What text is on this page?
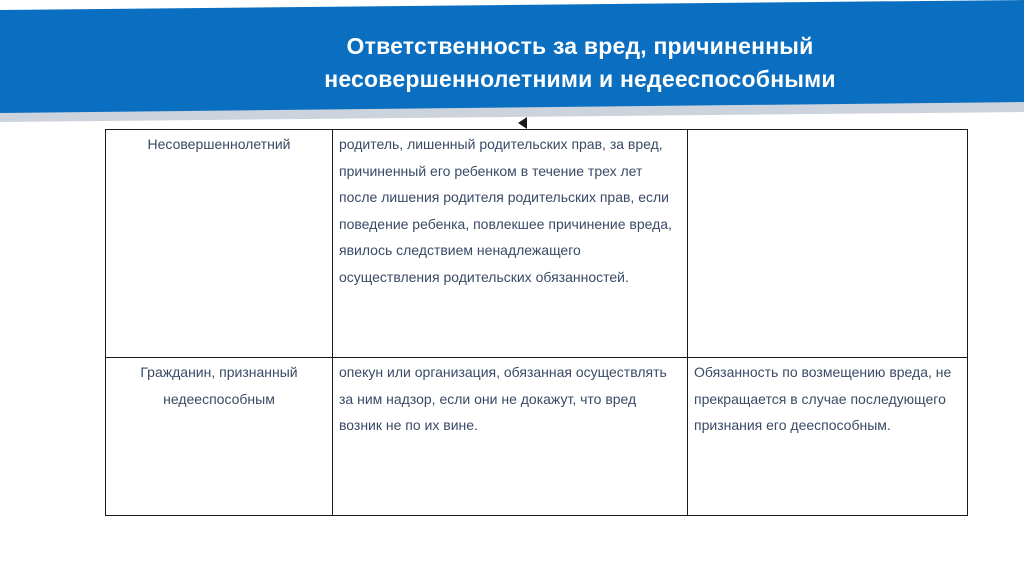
Ответственность за вред, причиненный
несовершеннолетними и недееспособными
Несовершеннолетний	родитель, лишенный родительских прав, за вред, причиненный его ребенком в течение трех лет после лишения родителя родительских прав, если поведение ребенка, повлекшее причинение вреда, явилось следствием ненадлежащего осуществления родительских обязанностей.	
Гражданин, признанный недееспособным	опекун или организация, обязанная осуществлять за ним надзор, если они не докажут, что вред возник не по их вине.	Обязанность по возмещению вреда, не прекращается в случае последующего признания его дееспособным.
